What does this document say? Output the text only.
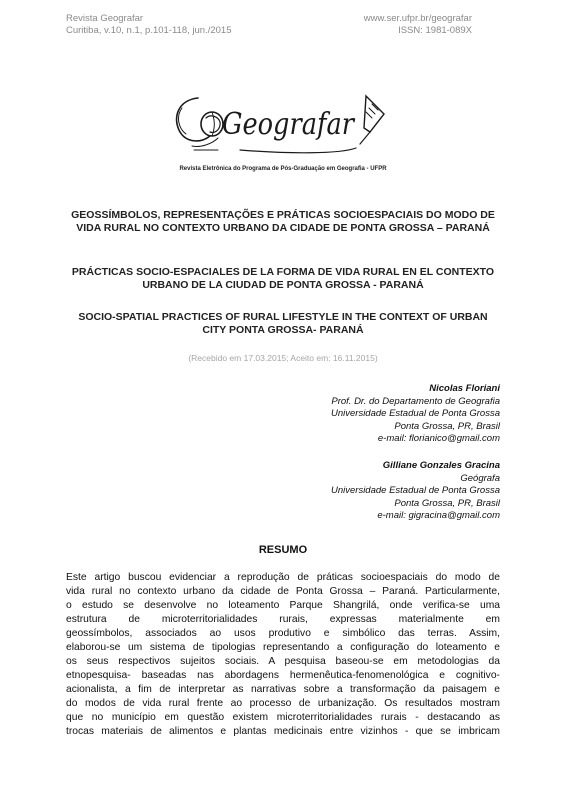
Revista Geografar
Curitiba, v.10, n.1, p.101-118, jun./2015
www.ser.ufpr.br/geografar
ISSN: 1981-089X
Geografar
Revista Eletrônica do Programa de Pós-Graduação em Geografia - UFPR
GEOSSÍMBOLOS, REPRESENTAÇÕES E PRÁTICAS SOCIOESPACIAIS DO MODO DE VIDA RURAL NO CONTEXTO URBANO DA CIDADE DE PONTA GROSSA – PARANÁ
PRÁCTICAS SOCIO-ESPACIALES DE LA FORMA DE VIDA RURAL EN EL CONTEXTO URBANO DE LA CIUDAD DE PONTA GROSSA - PARANÁ
SOCIO-SPATIAL PRACTICES OF RURAL LIFESTYLE IN THE CONTEXT OF URBAN CITY PONTA GROSSA- PARANÁ
(Recebido em 17.03.2015; Aceito em: 16.11.2015)
Nicolas Floriani
Prof. Dr. do Departamento de Geografia
Universidade Estadual de Ponta Grossa
Ponta Grossa, PR, Brasil
e-mail: florianico@gmail.com
Gilliane Gonzales Gracina
Geógrafa
Universidade Estadual de Ponta Grossa
Ponta Grossa, PR, Brasil
e-mail: gigracina@gmail.com
RESUMO
Este artigo buscou evidenciar a reprodução de práticas socioespaciais do modo de
vida rural no contexto urbano da cidade de Ponta Grossa – Paraná. Particularmente,
o estudo se desenvolve no loteamento Parque Shangrilá, onde verifica-se uma
estrutura de microterritorialidades rurais, expressas materialmente em
geossímbolos, associados ao usos produtivo e simbólico das terras. Assim,
elaborou-se um sistema de tipologias representando a configuração do loteamento e
os seus respectivos sujeitos sociais. A pesquisa baseou-se em metodologias da
etnopesquisa- baseadas nas abordagens hermenêutica-fenomenológica e cognitivo-
acionalista, a fim de interpretar as narrativas sobre a transformação da paisagem e
do modos de vida rural frente ao processo de urbanização. Os resultados mostram
que no município em questão existem microterritorialidades rurais - destacando as
trocas materiais de alimentos e plantas medicinais entre vizinhos - que se imbricam
